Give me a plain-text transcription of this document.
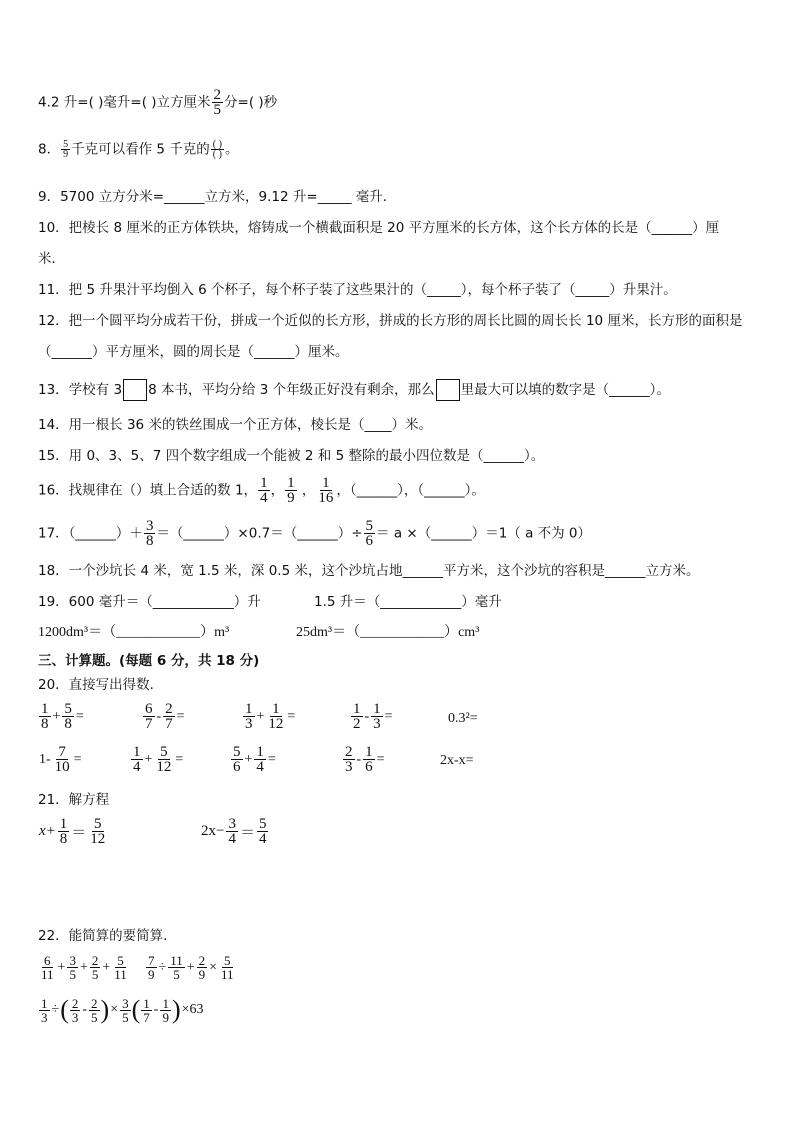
4.2 升=( )毫升=( )立方厘米 $\frac{2}{5}$ 分=( )秒
8． $\frac{5}{9}$ 千克可以看作 5 千克的 $\frac{( )}{( )}$ 。
9．5700 立方分米=______立方米，9.12 升=_____ 毫升．
10．把棱长 8 厘米的正方体铁块，熔铸成一个横截面积是 20 平方厘米的长方体，这个长方体的长是（______）厘
米．
11．把 5 升果汁平均倒入 6 个杯子，每个杯子装了这些果汁的（_____），每个杯子装了（_____）升果汁。
12．把一个圆平均分成若干份，拼成一个近似的长方形，拼成的长方形的周长比圆的周长长 10 厘米，长方形的面积是
（______）平方厘米，圆的周长是（______）厘米。
13．学校有 3 8 本书，平均分给 3 个年级正好没有剩余，那么 里最大可以填的数字是（______）。
14．用一根长 36 米的铁丝围成一个正方体，棱长是（____）米。
15．用 0、3、5、7 四个数字组成一个能被 2 和 5 整除的最小四位数是（______）。
16．找规律在（）填上合适的数 1， $\frac{1}{4}$ ， $\frac{1}{9}$ ， $\frac{1}{16}$ ，（______），（______）。
17．（______）＋ $\frac{3}{8}$ ＝（______）×0.7＝（______）÷ $\frac{5}{6} = a$ ×（______）＝1（ a 不为 0）
18．一个沙坑长 4 米，宽 1.5 米，深 0.5 米，这个沙坑占地______平方米，这个沙坑的容积是______立方米。
19．600 毫升＝（____________）升	1.5 升＝（____________）毫升
1200dm³＝（____________）m³	25dm³＝（____________）cm³
三、计算题。(每题 6 分，共 18 分)
20．直接写出得数．
$\frac{1}{8} + \frac{5}{8}$ =	$\frac{6}{7} - \frac{2}{7}$ =	$\frac{1}{3} + \frac{1}{12}$ =	$\frac{1}{2} - \frac{1}{3}$ =	0.3²=
$1- \frac{7}{10}$ =	$\frac{1}{4} + \frac{5}{12}$ =	$\frac{5}{6} + \frac{1}{4}$ =	$\frac{2}{3} - \frac{1}{6}$ =	2x-x=
21．解方程
$x+ \frac{1}{8} = \frac{5}{12}$	$2x- \frac{3}{4} = \frac{5}{4}$
22．能简算的要简算．
$\frac{6}{11} + \frac{3}{5} + \frac{2}{5} + \frac{5}{11} \frac{7}{9} \div \frac{11}{5} + \frac{2}{9} \times \frac{5}{11}$
$\frac{1}{3}$ ÷( $\frac{2}{3} - \frac{2}{5}$ )× $\frac{3}{5}$ ( $\frac{1}{7} - \frac{1}{9} )\times 63$
